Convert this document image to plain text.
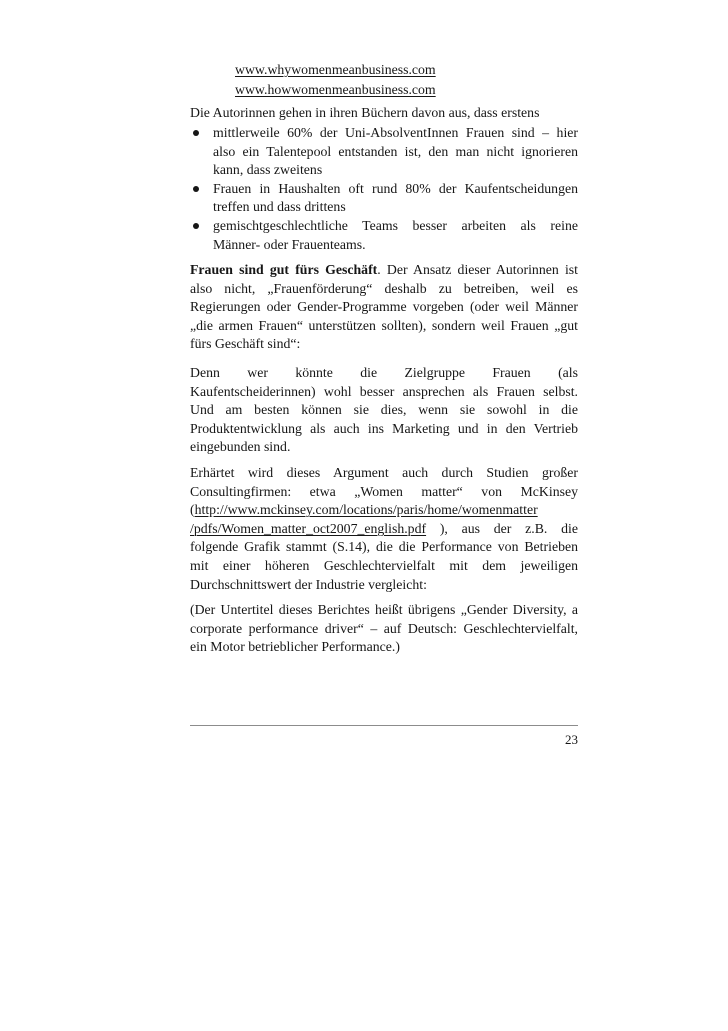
www.whywomenmeanbusiness.com
www.howwomenmeanbusiness.com
Die Autorinnen gehen in ihren Büchern davon aus, dass erstens
mittlerweile 60% der Uni-AbsolventInnen Frauen sind – hier
also ein Talentepool entstanden ist, den man nicht ignorieren
kann, dass zweitens
Frauen in Haushalten oft rund 80% der Kaufentscheidungen
treffen und dass drittens
gemischtgeschlechtliche Teams besser arbeiten als reine
Männer- oder Frauenteams.
Frauen sind gut fürs Geschäft. Der Ansatz dieser Autorinnen ist
also nicht, „Frauenförderung“ deshalb zu betreiben, weil es
Regierungen oder Gender-Programme vorgeben (oder weil Männer
„die armen Frauen“ unterstützen sollten), sondern weil Frauen „gut
fürs Geschäft sind“:
Denn wer könnte die Zielgruppe Frauen (als
Kaufentscheiderinnen) wohl besser ansprechen als Frauen selbst.
Und am besten können sie dies, wenn sie sowohl in die
Produktentwicklung als auch ins Marketing und in den Vertrieb
eingebunden sind.
Erhärtet wird dieses Argument auch durch Studien großer
Consultingfirmen: etwa „Women matter“ von McKinsey
(http://www.mckinsey.com/locations/paris/home/womenmatter
/pdfs/Women_matter_oct2007_english.pdf ), aus der z.B. die
folgende Grafik stammt (S.14), die die Performance von Betrieben
mit einer höheren Geschlechtervielfalt mit dem jeweiligen
Durchschnittswert der Industrie vergleicht:
(Der Untertitel dieses Berichtes heißt übrigens „Gender Diversity, a
corporate performance driver“ – auf Deutsch: Geschlechtervielfalt,
ein Motor betrieblicher Performance.)
23
